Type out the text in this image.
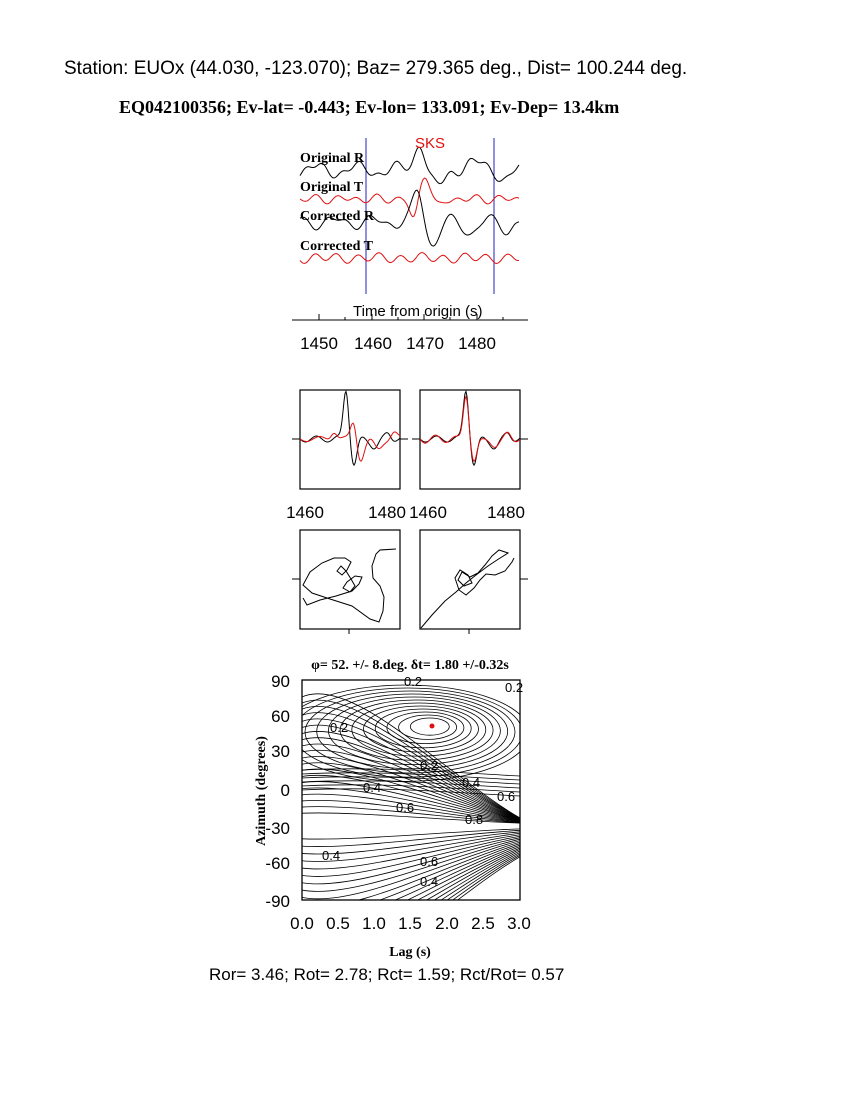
Station: EUOx (44.030, -123.070); Baz= 279.365 deg., Dist= 100.244 deg.
EQ042100356; Ev-lat= -0.443; Ev-lon= 133.091; Ev-Dep= 13.4km
SKS
Original R
Original T
Corrected R
Corrected T
Time from origin (s)
1450 1460 1470 1480
1460	1480 1460 1480
φ= 52. +/- 8.deg. δt= 1.80 +/-0.32s
0.2	0.2
0.2
0.2
0.4
0.4
0.6
0.6
0.8
0.4	0.6
0.4
90
60
30
0
-30
-60
-90
0.0 0.5 1.0 1.5 2.0 2.5 3.0
Lag (s)
Azimuth (degrees)
Ror= 3.46; Rot= 2.78; Rct= 1.59; Rct/Rot= 0.57
